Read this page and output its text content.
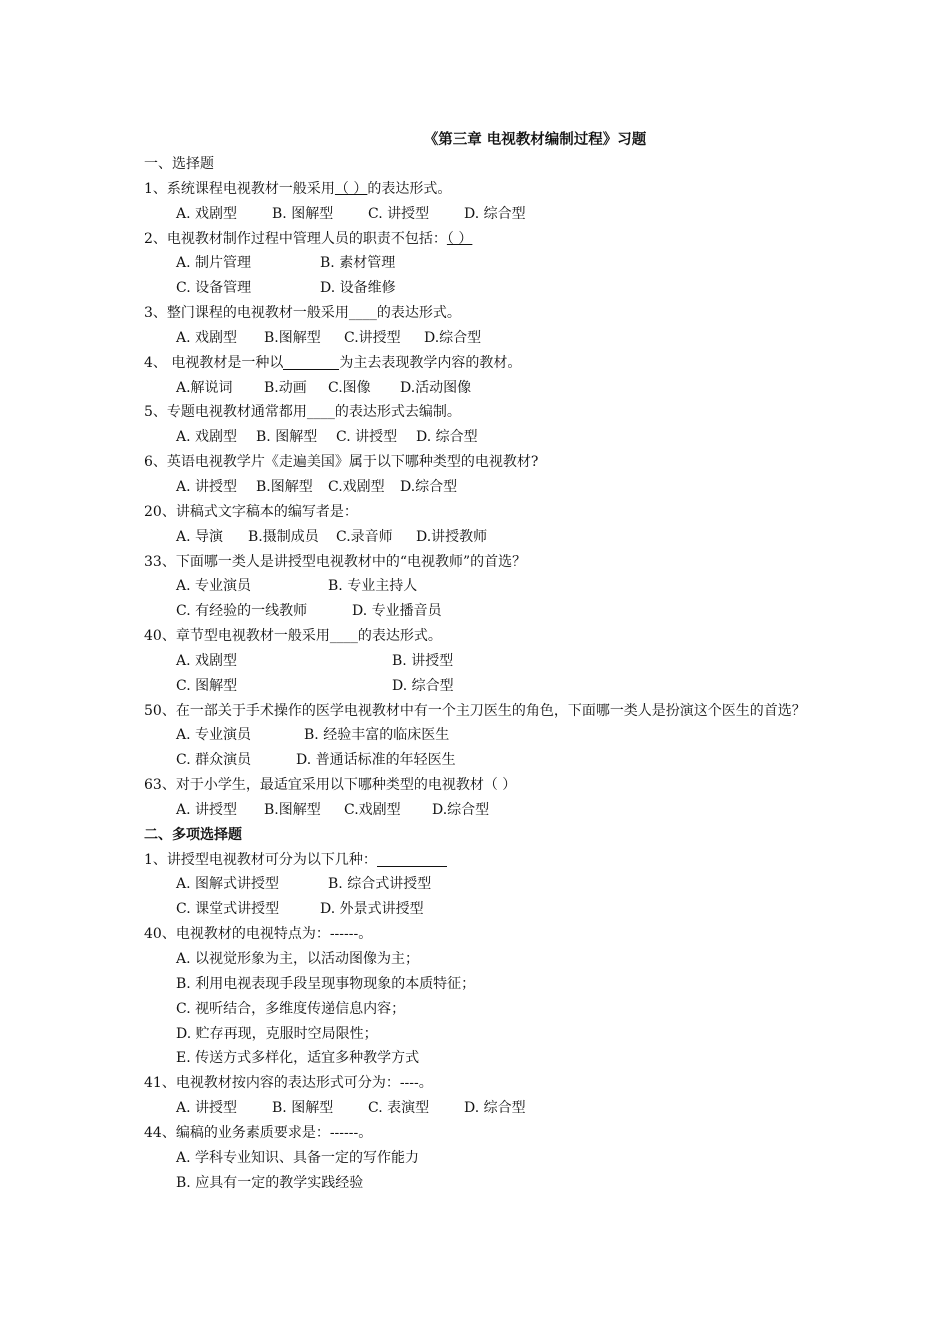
《第三章 电视教材编制过程》习题
一、选择题
1、系统课程电视教材一般采用（ ）的表达形式。
A. 戏剧型 B. 图解型 C. 讲授型 D. 综合型
2、电视教材制作过程中管理人员的职责不包括：（ ）
A. 制片管理	B. 素材管理
C. 设备管理	D. 设备维修
3、整门课程的电视教材一般采用____的表达形式。
A. 戏剧型 B.图解型 C.讲授型 D.综合型
4、 电视教材是一种以	为主去表现教学内容的教材。
A.解说词 B.动画 C.图像 D.活动图像
5、专题电视教材通常都用____的表达形式去编制。
A. 戏剧型 B. 图解型 C. 讲授型 D. 综合型
6、英语电视教学片《走遍美国》属于以下哪种类型的电视教材?
A. 讲授型 B.图解型 C.戏剧型 D.综合型
20、讲稿式文字稿本的编写者是：
A. 导演 B.摄制成员 C.录音师 D.讲授教师
33、下面哪一类人是讲授型电视教材中的“电视教师”的首选？
A. 专业演员	B. 专业主持人
C. 有经验的一线教师	D. 专业播音员
40、章节型电视教材一般采用____的表达形式。
A. 戏剧型	B. 讲授型
C. 图解型	D. 综合型
50、在一部关于手术操作的医学电视教材中有一个主刀医生的角色，下面哪一类人是扮演这个医生的首选？
A. 专业演员	B. 经验丰富的临床医生
C. 群众演员	D. 普通话标准的年轻医生
63、对于小学生，最适宜采用以下哪种类型的电视教材（ ）
A. 讲授型 B.图解型 C.戏剧型 D.综合型
二、多项选择题
1、讲授型电视教材可分为以下几种：
A. 图解式讲授型	B. 综合式讲授型
C. 课堂式讲授型	D. 外景式讲授型
40、电视教材的电视特点为：------。
A. 以视觉形象为主，以活动图像为主；
B. 利用电视表现手段呈现事物现象的本质特征；
C. 视听结合，多维度传递信息内容；
D. 贮存再现，克服时空局限性；
E. 传送方式多样化，适宜多种教学方式
41、电视教材按内容的表达形式可分为：----。
A. 讲授型 B. 图解型 C. 表演型 D. 综合型
44、编稿的业务素质要求是：------。
A. 学科专业知识、具备一定的写作能力
B. 应具有一定的教学实践经验
